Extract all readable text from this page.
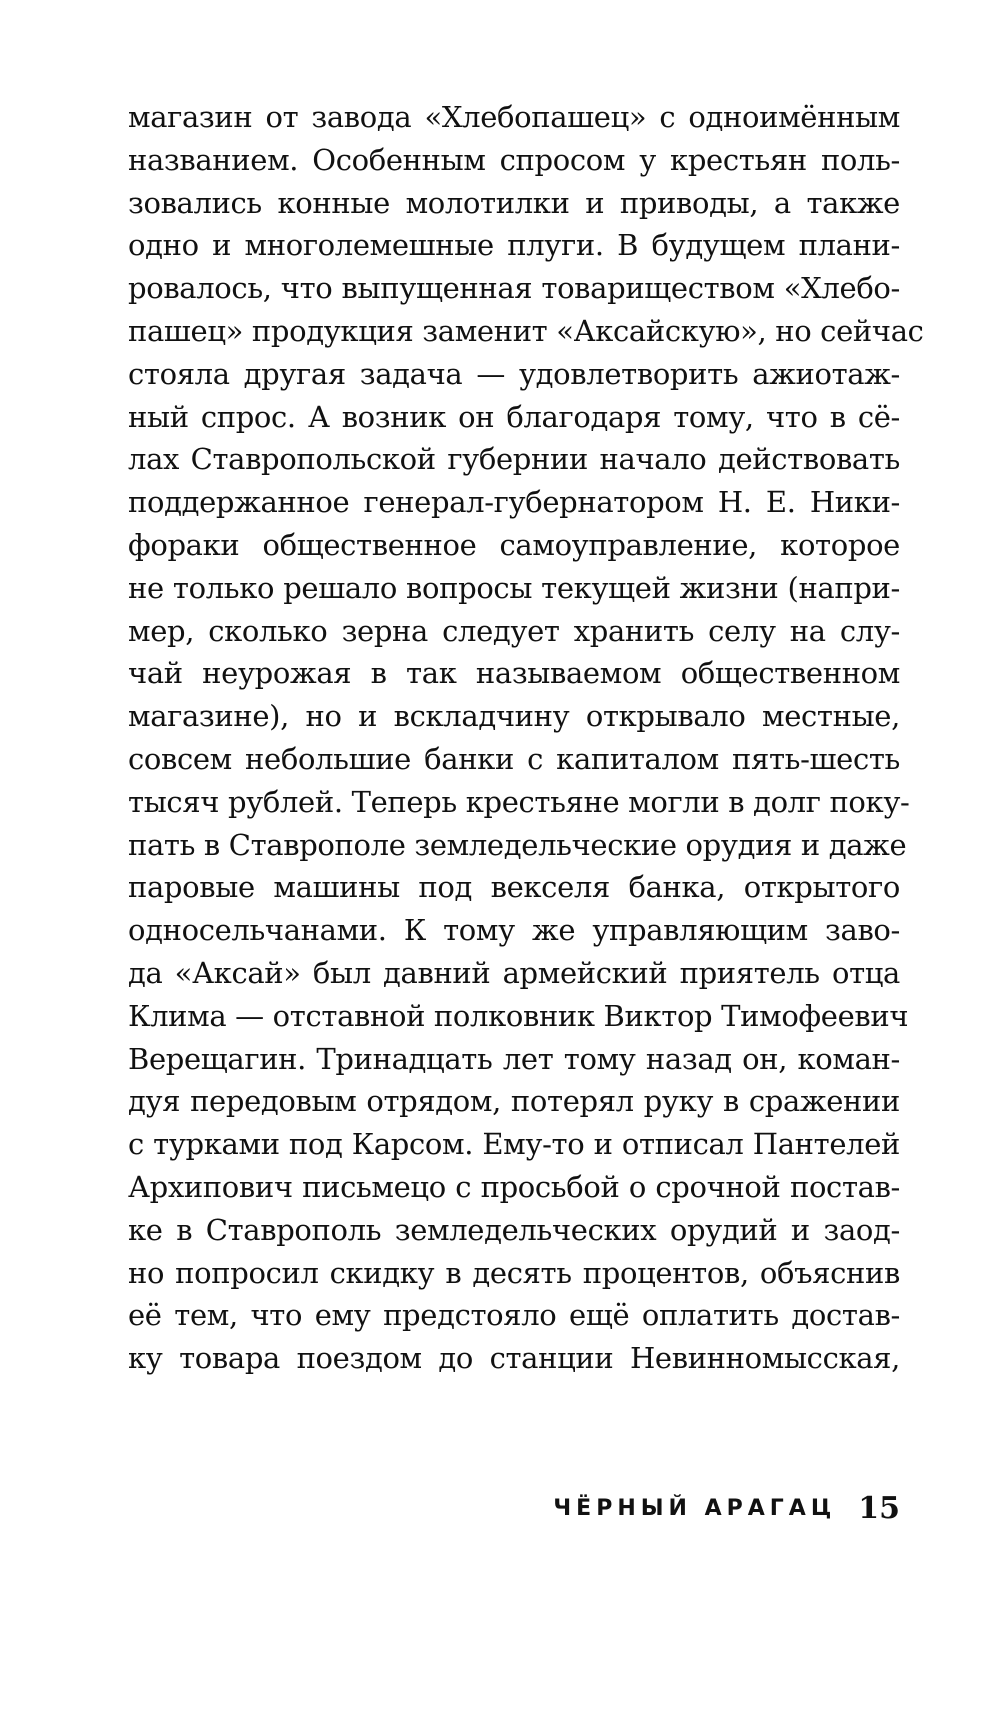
магазин от завода «Хлебопашец» с одноимённым
названием. Особенным спросом у крестьян поль-
зовались конные молотилки и приводы, а также
одно и многолемешные плуги. В будущем плани-
ровалось, что выпущенная товариществом «Хлебо-
пашец» продукция заменит «Аксайскую», но сейчас
стояла другая задача — удовлетворить ажиотаж-
ный спрос. А возник он благодаря тому, что в сё-
лах Ставропольской губернии начало действовать
поддержанное генерал-губернатором Н. Е. Ники-
фораки общественное самоуправление, которое
не только решало вопросы текущей жизни (напри-
мер, сколько зерна следует хранить селу на слу-
чай неурожая в так называемом общественном
магазине), но и вскладчину открывало местные,
совсем небольшие банки с капиталом пять-шесть
тысяч рублей. Теперь крестьяне могли в долг поку-
пать в Ставрополе земледельческие орудия и даже
паровые машины под векселя банка, открытого
односельчанами. К тому же управляющим заво-
да «Аксай» был давний армейский приятель отца
Клима — отставной полковник Виктор Тимофеевич
Верещагин. Тринадцать лет тому назад он, коман-
дуя передовым отрядом, потерял руку в сражении
с турками под Карсом. Ему-то и отписал Пантелей
Архипович письмецо с просьбой о срочной постав-
ке в Ставрополь земледельческих орудий и заод-
но попросил скидку в десять процентов, объяснив
её тем, что ему предстояло ещё оплатить достав-
ку товара поездом до станции Невинномысская,
ЧЁРНЫЙ АРАГАЦ 15
